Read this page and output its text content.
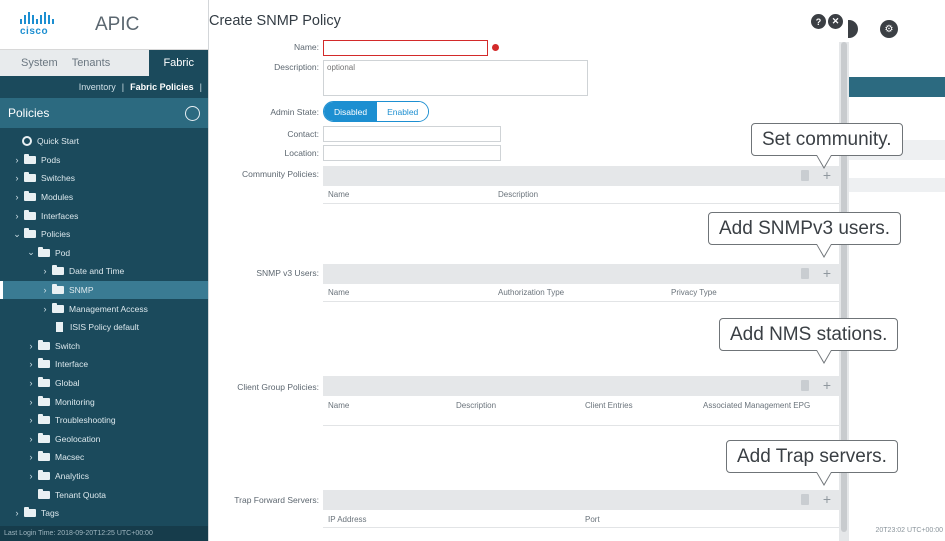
⚙
20T23:02 UTC+00:00
cisco	APIC
System	Tenants	Fabric
Inventory | Fabric Policies |
Policies
Quick Start
›	Pods
›	Switches
›	Modules
›	Interfaces
⌄ Policies
⌄ Pod
›	Date and Time
›	SNMP
›	Management Access
ISIS Policy default
›	Switch
›	Interface
›	Global
›	Monitoring
›	Troubleshooting
›	Geolocation
›	Macsec
›	Analytics
Tenant Quota
›	Tags
Last Login Time: 2018-09-20T12:25 UTC+00:00
Create SNMP Policy	?	✕
Name:
Description:
optional
Admin State:	Disabled	Enabled
Contact:
Location:
Community Policies:	+
Name	Description
SNMP v3 Users:	+
Name	Authorization Type	Privacy Type
Client Group Policies:	+
Name	Description	Client Entries	Associated Management EPG
Trap Forward Servers:	+
IP Address	Port
Set community.
Add SNMPv3 users.
Add NMS stations.
Add Trap servers.
